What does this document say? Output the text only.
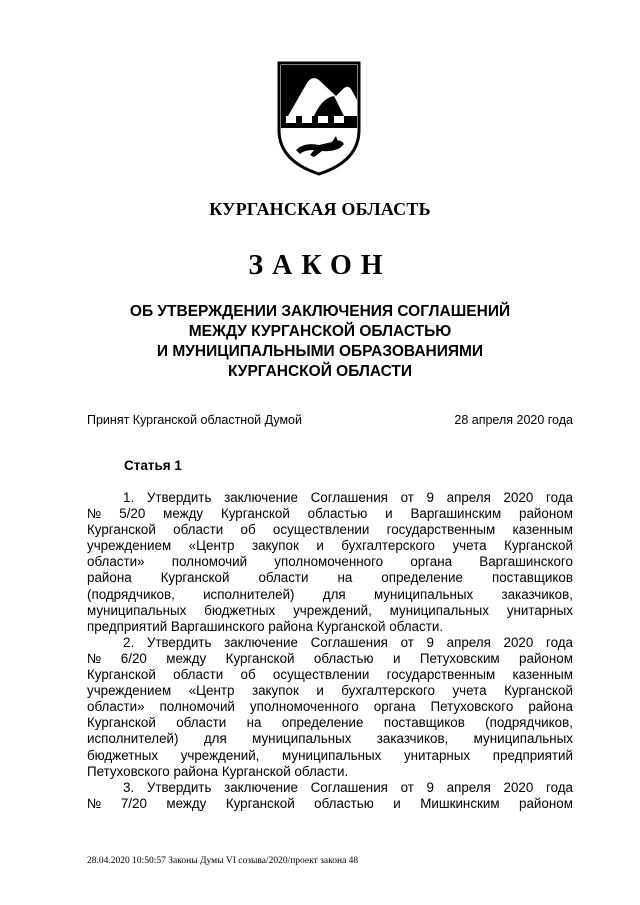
КУРГАНСКАЯ ОБЛАСТЬ
ЗАКОН
ОБ УТВЕРЖДЕНИИ ЗАКЛЮЧЕНИЯ СОГЛАШЕНИЙ
МЕЖДУ КУРГАНСКОЙ ОБЛАСТЬЮ
И МУНИЦИПАЛЬНЫМИ ОБРАЗОВАНИЯМИ
КУРГАНСКОЙ ОБЛАСТИ
Принят Курганской областной Думой	28 апреля 2020 года
Статья 1
1. Утвердить заключение Соглашения от 9 апреля 2020 года
№ 5/20 между Курганской областью и Варгашинским районом
Курганской области об осуществлении государственным казенным
учреждением «Центр закупок и бухгалтерского учета Курганской
области» полномочий уполномоченного органа Варгашинского
района Курганской области на определение поставщиков
(подрядчиков, исполнителей) для муниципальных заказчиков,
муниципальных бюджетных учреждений, муниципальных унитарных
предприятий Варгашинского района Курганской области.
2. Утвердить заключение Соглашения от 9 апреля 2020 года
№ 6/20 между Курганской областью и Петуховским районом
Курганской области об осуществлении государственным казенным
учреждением «Центр закупок и бухгалтерского учета Курганской
области» полномочий уполномоченного органа Петуховского района
Курганской области на определение поставщиков (подрядчиков,
исполнителей) для муниципальных заказчиков, муниципальных
бюджетных учреждений, муниципальных унитарных предприятий
Петуховского района Курганской области.
3. Утвердить заключение Соглашения от 9 апреля 2020 года
№ 7/20 между Курганской областью и Мишкинским районом
28.04.2020 10:50:57 Законы Думы VI созыва/2020/проект закона 48
